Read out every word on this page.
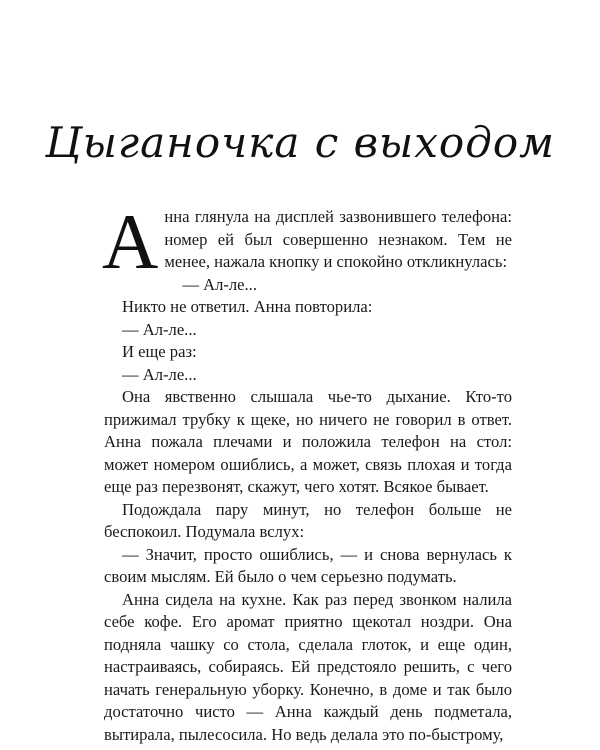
Цыганочка с выходом

Анна глянула на дисплей зазвонившего телефона: номер ей был совершенно незнаком. Тем не менее, нажала кнопку и спокойно откликнулась:

— Ал-ле...

Никто не ответил. Анна повторила:

— Ал-ле...

И еще раз:

— Ал-ле...

Она явственно слышала чье-то дыхание. Кто-то прижимал трубку к щеке, но ничего не говорил в ответ. Анна пожала плечами и положила телефон на стол: может номером ошиблись, а может, связь плохая и тогда еще раз перезвонят, скажут, чего хотят. Всякое бывает.

Подождала пару минут, но телефон больше не беспокоил. Подумала вслух:

— Значит, просто ошиблись, — и снова вернулась к своим мыслям. Ей было о чем серьезно подумать.

Анна сидела на кухне. Как раз перед звонком налила себе кофе. Его аромат приятно щекотал ноздри. Она подняла чашку со стола, сделала глоток, и еще один, настраиваясь, собираясь. Ей предстояло решить, с чего начать генеральную уборку. Конечно, в доме и так было достаточно чисто — Анна каждый день подметала, вытирала, пылесосила. Но ведь делала это по-быстрому,
